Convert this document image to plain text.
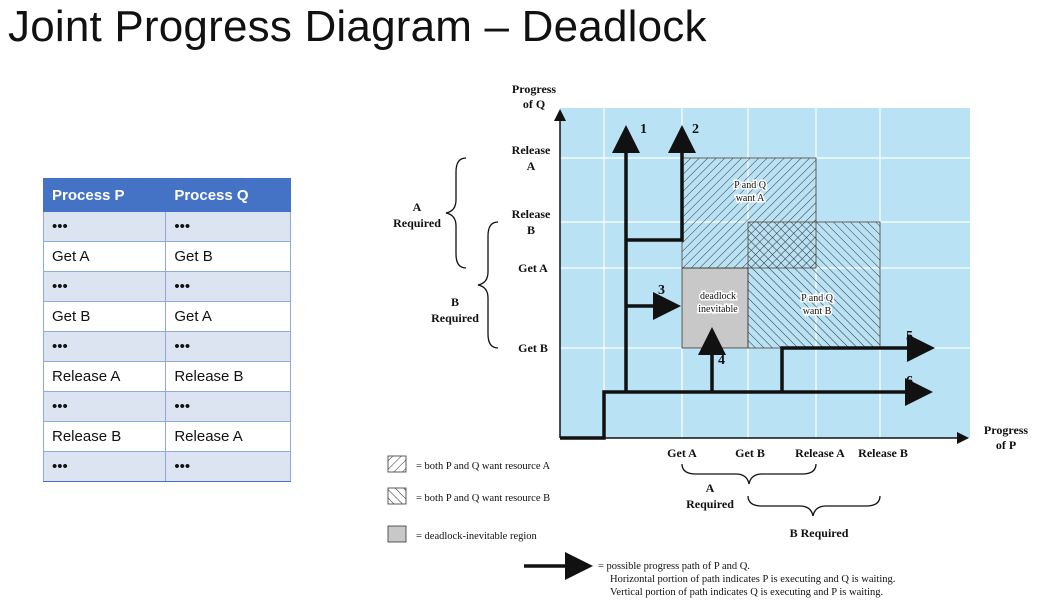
Joint Progress Diagram – Deadlock
Process P	Process Q
•••	•••
Get A	Get B
•••	•••
Get B	Get A
•••	•••
Release A	Release B
•••	•••
Release B	Release A
•••	•••
P and Q
want A
P and Q
want B
deadlock
inevitable
Progress
of Q
Progress
of P
Release
A
Release
B
Get A
Get B
Get A	Get B	Release A Release B
A
Required
B
Required
A
Required
B Required
1	2
3
4
5
6
= both P and Q want resource A
= both P and Q want resource B
= deadlock-inevitable region
= possible progress path of P and Q.
Horizontal portion of path indicates P is executing and Q is waiting.
Vertical portion of path indicates Q is executing and P is waiting.
